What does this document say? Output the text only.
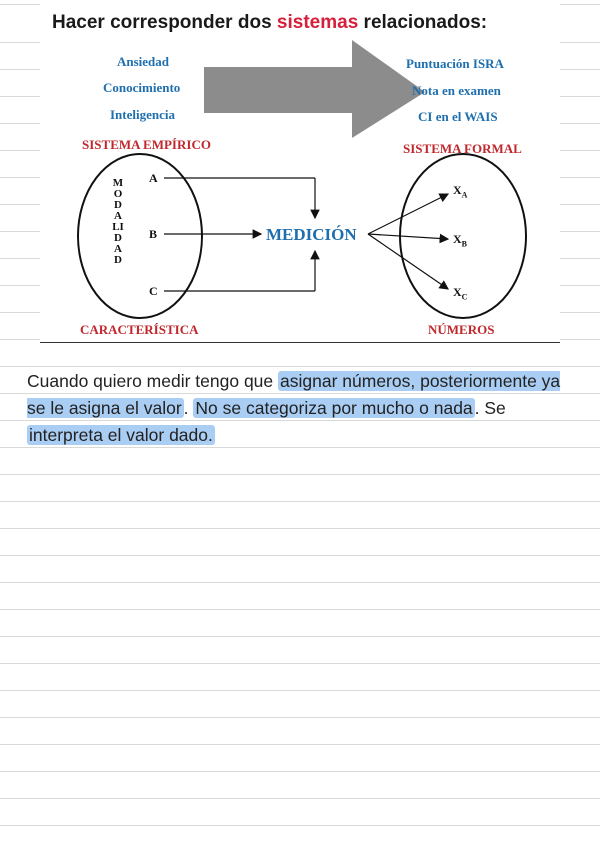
Hacer corresponder dos sistemas relacionados:
Ansiedad
Conocimiento
Inteligencia
Puntuación ISRA
Nota en examen
CI en el WAIS
SISTEMA EMPÍRICO	SISTEMA FORMAL
MODALIDAD
A
B
C
MEDICIÓN
$X_A$
$X_B$
$X_C$
CARACTERÍSTICA	NÚMEROS
Cuando quiero medir tengo que asignar números, posteriormente ya se le asigna el valor . No se categoriza por mucho o nada . Se interpreta el valor dado.
